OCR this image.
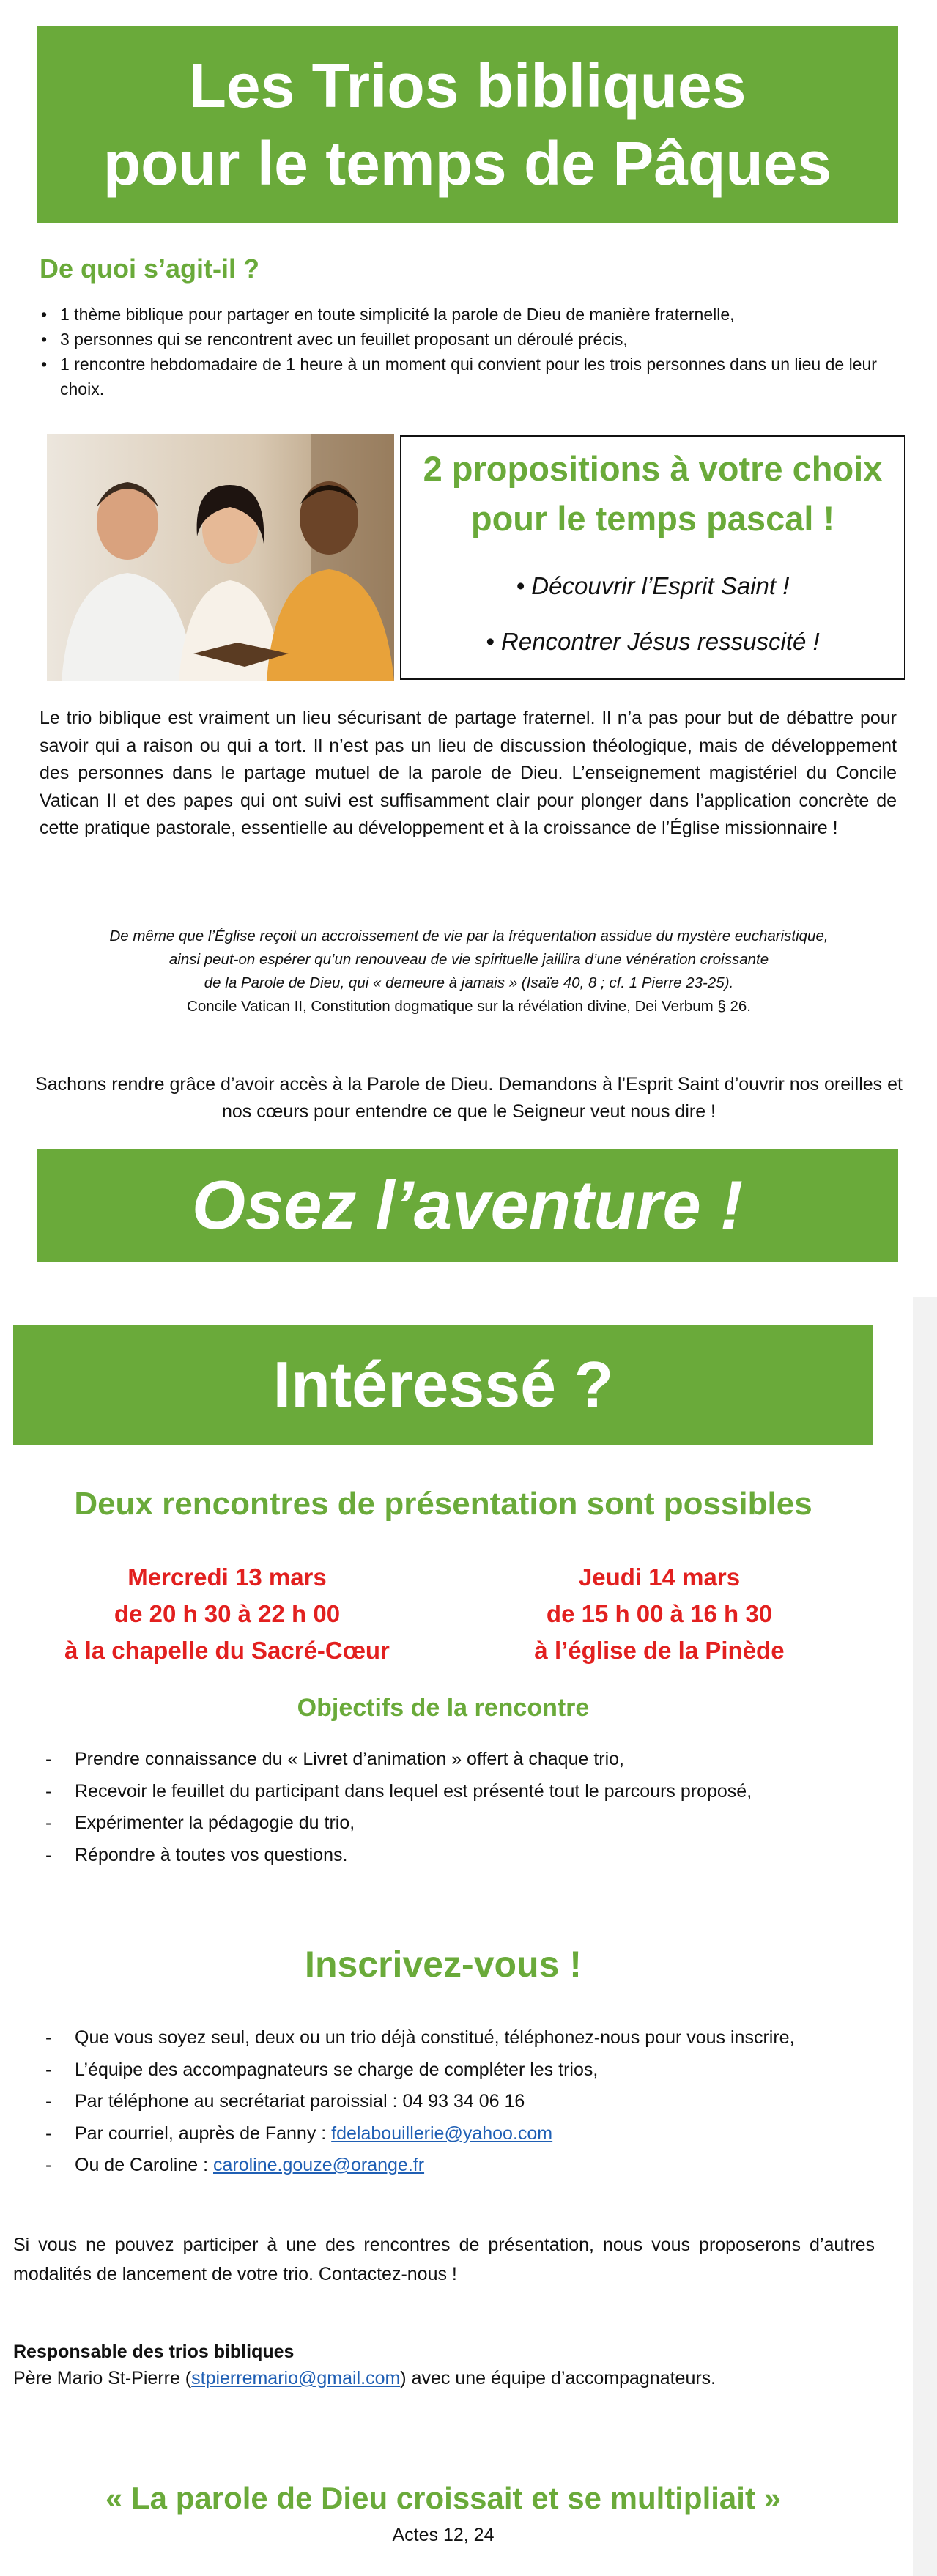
Les Trios bibliques
pour le temps de Pâques
De quoi s’agit-il ?
• 1 thème biblique pour partager en toute simplicité la parole de Dieu de manière fraternelle,
• 3 personnes qui se rencontrent avec un feuillet proposant un déroulé précis,
• 1 rencontre hebdomadaire de 1 heure à un moment qui convient pour les trois personnes dans un lieu de leur choix.
2 propositions à votre choix
pour le temps pascal !
• Découvrir l’Esprit Saint !
• Rencontrer Jésus ressuscité !

Le trio biblique est vraiment un lieu sécurisant de partage fraternel. Il n’a pas pour but de débattre pour savoir qui a raison ou qui a tort. Il n’est pas un lieu de discussion théologique, mais de développement des personnes dans le partage mutuel de la parole de Dieu. L’enseignement magistériel du Concile Vatican II et des papes qui ont suivi est suffisamment clair pour plonger dans l’application concrète de cette pratique pastorale, essentielle au développement et à la croissance de l’Église missionnaire !

De même que l’Église reçoit un accroissement de vie par la fréquentation assidue du mystère eucharistique,
ainsi peut-on espérer qu’un renouveau de vie spirituelle jaillira d’une vénération croissante
de la Parole de Dieu, qui « demeure à jamais » (Isaïe 40, 8 ; cf. 1 Pierre 23-25).
Concile Vatican II, Constitution dogmatique sur la révélation divine, Dei Verbum § 26.

Sachons rendre grâce d’avoir accès à la Parole de Dieu. Demandons à l’Esprit Saint d’ouvrir nos oreilles et nos cœurs pour entendre ce que le Seigneur veut nous dire !

Osez l’aventure !
Intéressé ?
Deux rencontres de présentation sont possibles
Mercredi 13 mars
de 20 h 30 à 22 h 00
à la chapelle du Sacré-Cœur
Jeudi 14 mars
de 15 h 00 à 16 h 30
à l’église de la Pinède
Objectifs de la rencontre
- Prendre connaissance du « Livret d’animation » offert à chaque trio,
- Recevoir le feuillet du participant dans lequel est présenté tout le parcours proposé,
- Expérimenter la pédagogie du trio,
- Répondre à toutes vos questions.
Inscrivez-vous !
- Que vous soyez seul, deux ou un trio déjà constitué, téléphonez-nous pour vous inscrire,
- L’équipe des accompagnateurs se charge de compléter les trios,
- Par téléphone au secrétariat paroissial : 04 93 34 06 16
- Par courriel, auprès de Fanny : fdelabouillerie@yahoo.com
- Ou de Caroline : caroline.gouze@orange.fr

Si vous ne pouvez participer à une des rencontres de présentation, nous vous proposerons d’autres modalités de lancement de votre trio. Contactez-nous !

Responsable des trios bibliques
Père Mario St-Pierre (stpierremario@gmail.com) avec une équipe d’accompagnateurs.
« La parole de Dieu croissait et se multipliait »
Actes 12, 24
